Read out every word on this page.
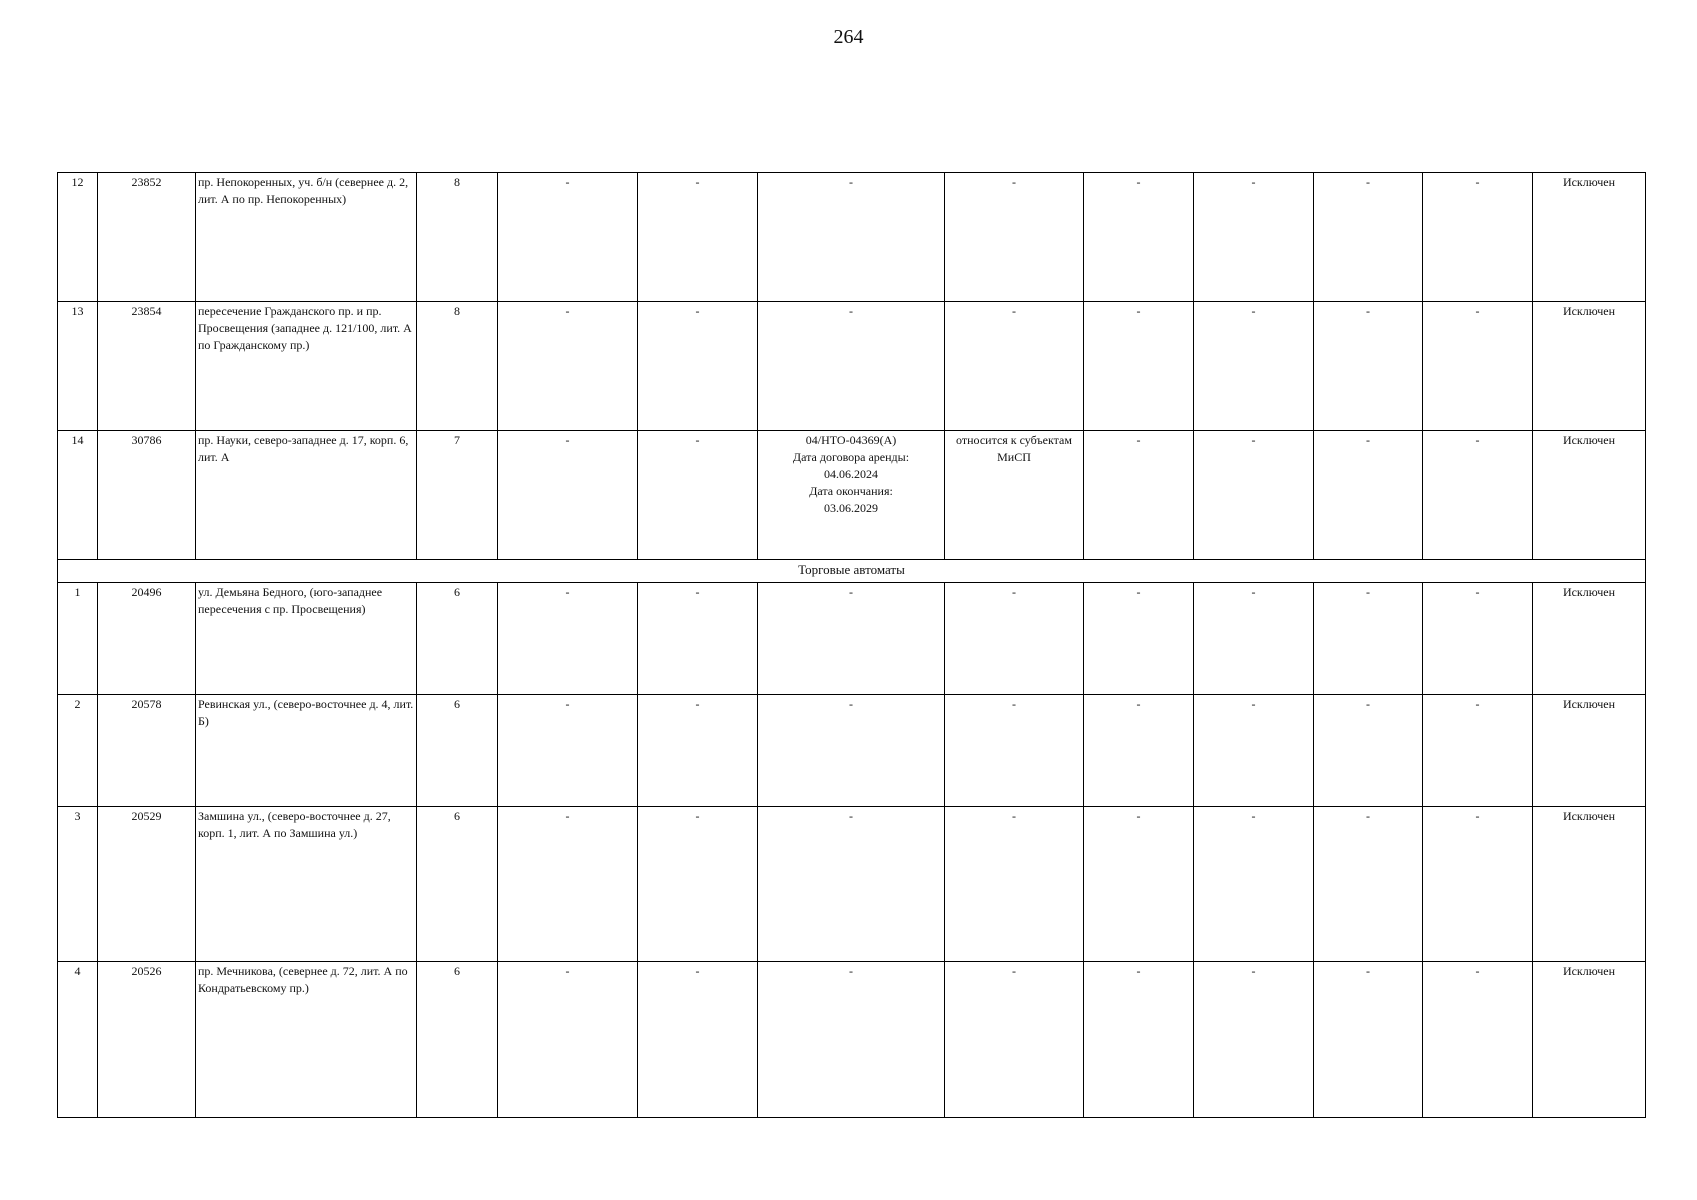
264
12	23852	пр. Непокоренных, уч. б/н (севернее д. 2, лит. А по пр. Непокоренных)	8	-	-	-	-	-	-	-	-	Исключен
13	23854	пересечение Гражданского пр. и пр. Просвещения (западнее д. 121/100, лит. А по Гражданскому пр.)	8	-	-	-	-	-	-	-	-	Исключен
14	30786	пр. Науки, северо-западнее д. 17, корп. 6, лит. А	7	-	-	04/НТО-04369(А)
Дата договора аренды:
04.06.2024
Дата окончания:
03.06.2029	относится к субъектам МиСП	-	-	-	-	Исключен
Торговые автоматы												
1	20496	ул. Демьяна Бедного, (юго-западнее пересечения с пр. Просвещения)	6	-	-	-	-	-	-	-	-	Исключен
2	20578	Ревинская ул., (северо-восточнее д. 4, лит. Б)	6	-	-	-	-	-	-	-	-	Исключен
3	20529	Замшина ул., (северо-восточнее д. 27, корп. 1, лит. А по Замшина ул.)	6	-	-	-	-	-	-	-	-	Исключен
4	20526	пр. Мечникова, (севернее д. 72, лит. А по Кондратьевскому пр.)	6	-	-	-	-	-	-	-	-	Исключен
